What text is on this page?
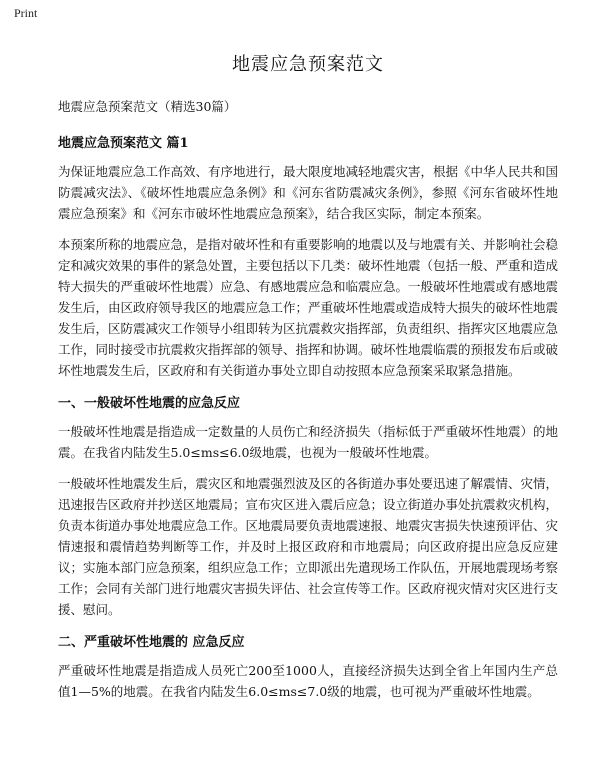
Print
地震应急预案范文

地震应急预案范文（精选30篇）

地震应急预案范文 篇1

为保证地震应急工作高效、有序地进行，最大限度地减轻地震灾害，根据《中华人民共和国防震减灾法》、《破坏性地震应急条例》和《河东省防震减灾条例》，参照《河东省破坏性地震应急预案》和《河东市破坏性地震应急预案》，结合我区实际，制定本预案。

本预案所称的地震应急，是指对破坏性和有重要影响的地震以及与地震有关、并影响社会稳定和减灾效果的事件的紧急处置，主要包括以下几类：破坏性地震（包括一般、严重和造成特大损失的严重破坏性地震）应急、有感地震应急和临震应急。一般破坏性地震或有感地震发生后，由区政府领导我区的地震应急工作；严重破坏性地震或造成特大损失的破坏性地震发生后，区防震减灾工作领导小组即转为区抗震救灾指挥部，负责组织、指挥灾区地震应急工作，同时接受市抗震救灾指挥部的领导、指挥和协调。破坏性地震临震的预报发布后或破坏性地震发生后，区政府和有关街道办事处立即自动按照本应急预案采取紧急措施。

一、一般破坏性地震的应急反应

一般破坏性地震是指造成一定数量的人员伤亡和经济损失（指标低于严重破坏性地震）的地震。在我省内陆发生5.0≤ms≤6.0级地震，也视为一般破坏性地震。

一般破坏性地震发生后，震灾区和地震强烈波及区的各街道办事处要迅速了解震情、灾情，迅速报告区政府并抄送区地震局；宣布灾区进入震后应急；设立街道办事处抗震救灾机构，负责本街道办事处地震应急工作。区地震局要负责地震速报、地震灾害损失快速预评估、灾情速报和震情趋势判断等工作，并及时上报区政府和市地震局；向区政府提出应急反应建议；实施本部门应急预案，组织应急工作；立即派出先遣现场工作队伍，开展地震现场考察工作；会同有关部门进行地震灾害损失评估、社会宣传等工作。区政府视灾情对灾区进行支援、慰问。

二、严重破坏性地震的 应急反应

严重破坏性地震是指造成人员死亡200至1000人，直接经济损失达到全省上年国内生产总值1—5%的地震。在我省内陆发生6.0≤ms≤7.0级的地震，也可视为严重破坏性地震。
